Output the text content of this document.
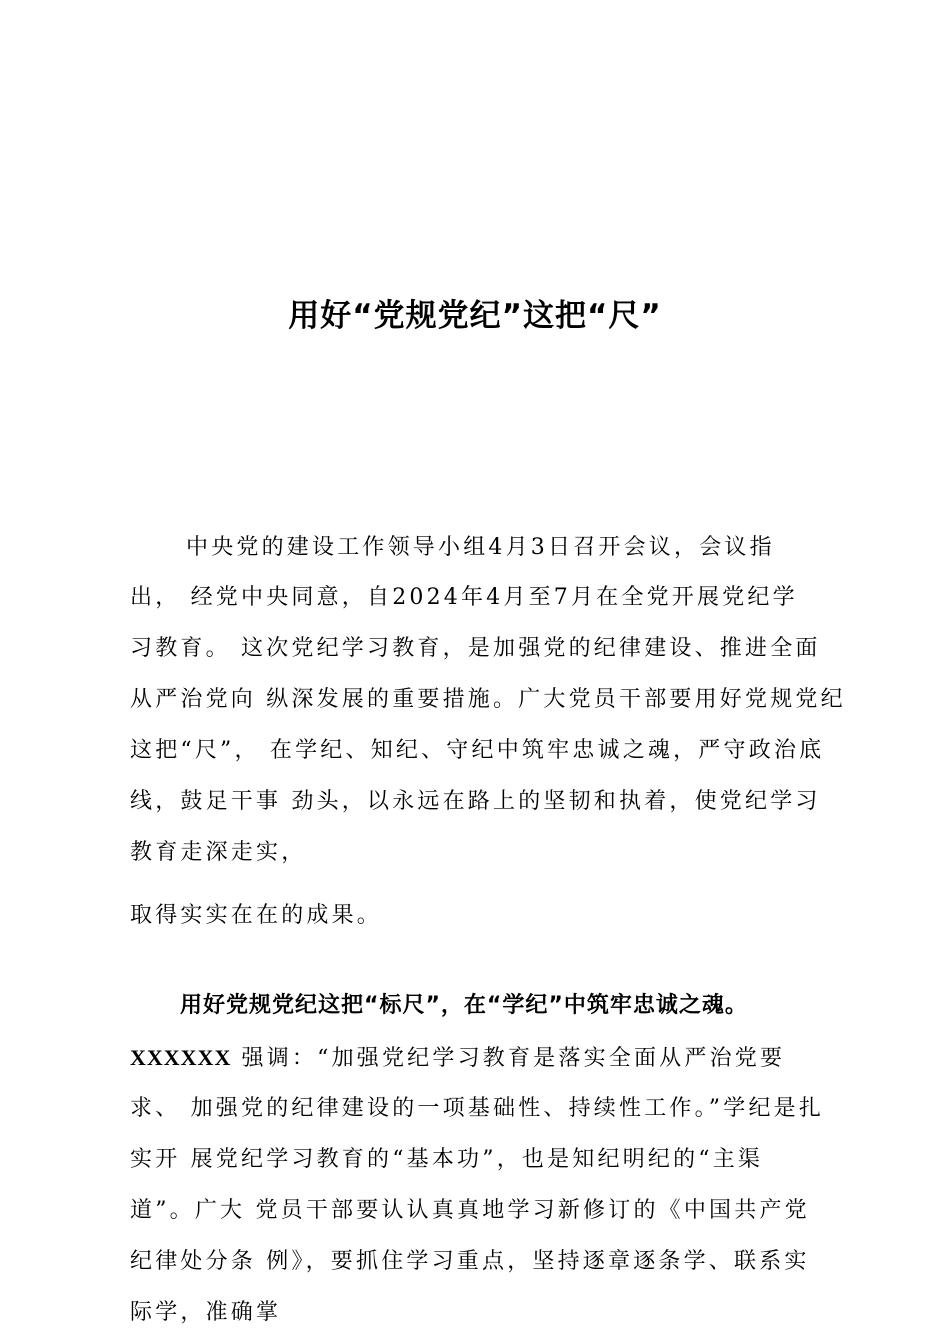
用好“党规党纪”这把“尺”
中央党的建设工作领导小组4月3日召开会议，会议指
出， 经党中央同意，自2024年4月至7月在全党开展党纪学
习教育。 这次党纪学习教育，是加强党的纪律建设、推进全面
从严治党向 纵深发展的重要措施。广大党员干部要用好党规党纪
这把“尺”， 在学纪、知纪、守纪中筑牢忠诚之魂，严守政治底
线，鼓足干事 劲头，以永远在路上的坚韧和执着，使党纪学习
教育走深走实，
取得实实在在的成果。
用好党规党纪这把“标尺”，在“学纪”中筑牢忠诚之魂。
XXXXXX 强调：“加强党纪学习教育是落实全面从严治党要
求、 加强党的纪律建设的一项基础性、持续性工作。”学纪是扎
实开 展党纪学习教育的“基本功”，也是知纪明纪的“主渠
道”。广大 党员干部要认认真真地学习新修订的《中国共产党
纪律处分条 例》，要抓住学习重点，坚持逐章逐条学、联系实
际学，准确掌
